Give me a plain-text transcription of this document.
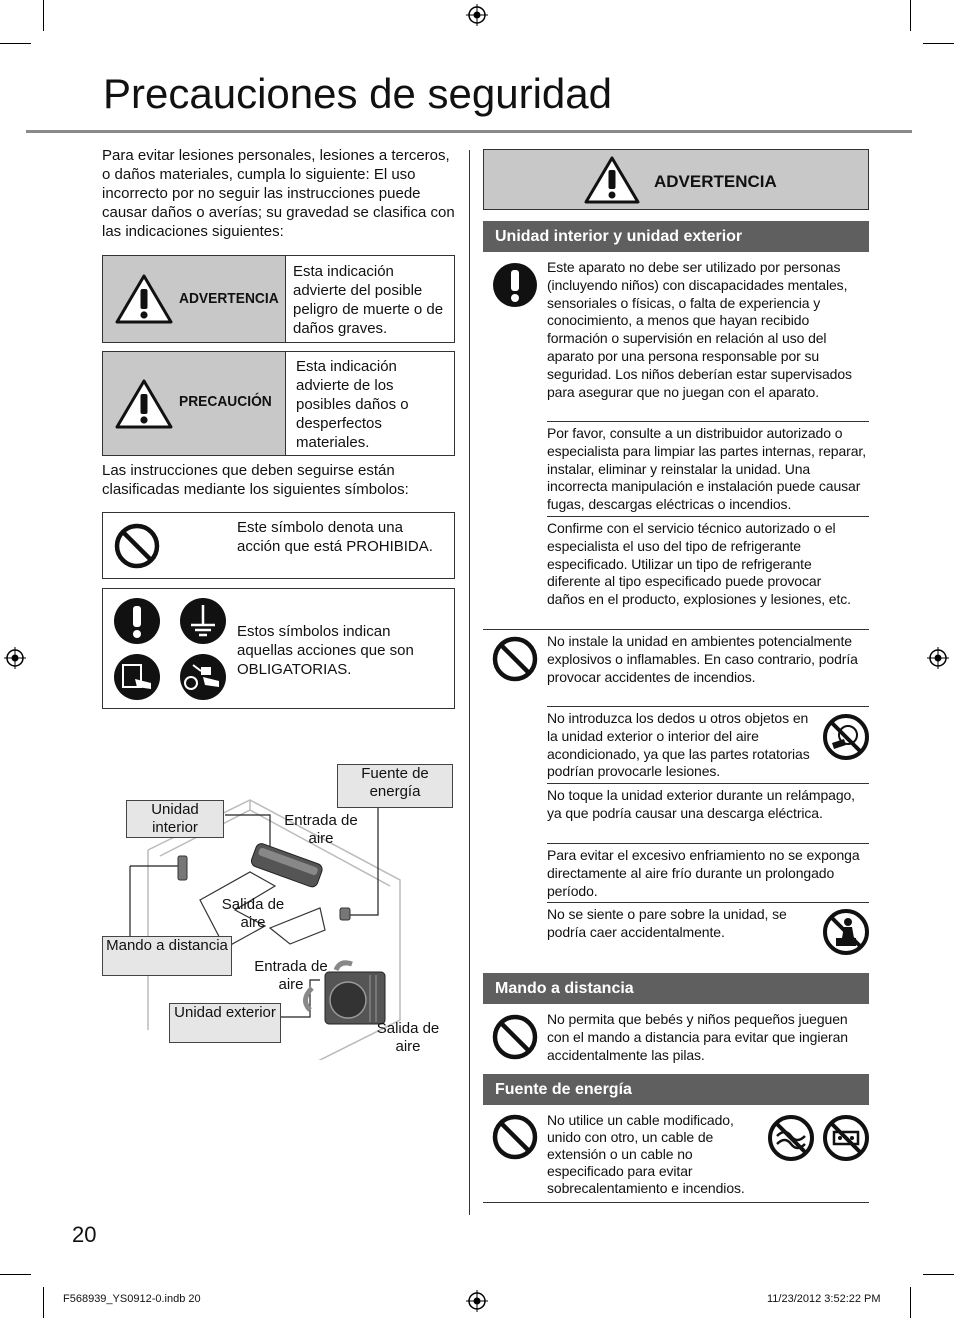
Precauciones de seguridad
Para evitar lesiones personales, lesiones a terceros, o daños materiales, cumpla lo siguiente: El uso incorrecto por no seguir las instrucciones puede causar daños o averías; su gravedad se clasifica con las indicaciones siguientes:
ADVERTENCIA
Esta indicación advierte del posible peligro de muerte o de daños graves.
PRECAUCIÓN
Esta indicación advierte de los posibles daños o desperfectos materiales.
Las instrucciones que deben seguirse están clasificadas mediante los siguientes símbolos:
Este símbolo denota una acción que está PROHIBIDA.
Estos símbolos indican aquellas acciones que son OBLIGATORIAS.
Fuente de energía
Unidad interior	Entrada de aire
Salida de aire
Mando a distancia
Entrada de aire
Unidad exterior
Salida de aire
ADVERTENCIA
Unidad interior y unidad exterior
Este aparato no debe ser utilizado por personas (incluyendo niños) con discapacidades mentales, sensoriales o físicas, o falta de experiencia y conocimiento, a menos que hayan recibido formación o supervisión en relación al uso del aparato por una persona responsable por su seguridad. Los niños deberían estar supervisados para asegurar que no juegan con el aparato.
Por favor, consulte a un distribuidor autorizado o especialista para limpiar las partes internas, reparar, instalar, eliminar y reinstalar la unidad. Una incorrecta manipulación e instalación puede causar fugas, descargas eléctricas o incendios.
Confirme con el servicio técnico autorizado o el especialista el uso del tipo de refrigerante especificado. Utilizar un tipo de refrigerante diferente al tipo especificado puede provocar daños en el producto, explosiones y lesiones, etc.
No instale la unidad en ambientes potencialmente explosivos o inflamables. En caso contrario, podría provocar accidentes de incendios.
No introduzca los dedos u otros objetos en la unidad exterior o interior del aire acondicionado, ya que las partes rotatorias podrían provocarle lesiones.
No toque la unidad exterior durante un relámpago, ya que podría causar una descarga eléctrica.
Para evitar el excesivo enfriamiento no se exponga directamente al aire frío durante un prolongado período.
No se siente o pare sobre la unidad, se podría caer accidentalmente.
Mando a distancia
No permita que bebés y niños pequeños jueguen con el mando a distancia para evitar que ingieran accidentalmente las pilas.
Fuente de energía
No utilice un cable modificado, unido con otro, un cable de extensión o un cable no especificado para evitar sobrecalentamiento e incendios.
20
F568939_YS0912-0.indb 20	11/23/2012 3:52:22 PM
